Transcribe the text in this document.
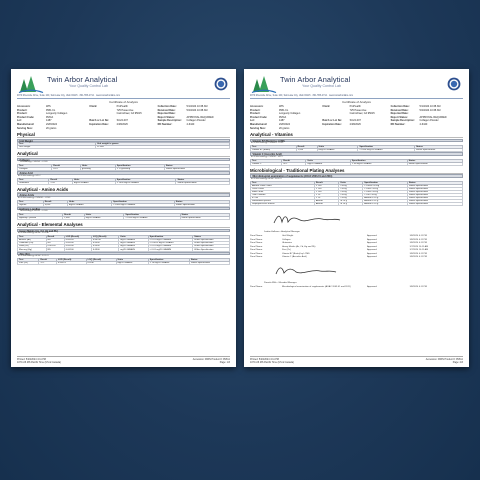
Twin Arbor Analytical
Your Quality Control Lab
4870 Riverside Drive, Suite 100, Salt Lake City, Utah 84115 · 801-555-2712 · www.twinarborlabs.com
Certificate of Analysis
Accession:	WIS	Client:	ProHealth	Collection Date:	5/1/2024 10:38 AM
Product:	PRD-CL	725 Paseo Ave	Received Date:	5/2/2024 10:38 AM
Product:	Longevity Collagen	Carmichael, CA 95015	Reported Date:
Product Code:	PMCA	Report Status:	APPROVAL REQUIRED
Lot:	1487	Batch or Lot No:	SC24-007	Sample Description: Collagen Powder
Manufactured:	2/28/2024	Expiration Date:	2/28/2026	RO Number:	4-6440
Serving Size:	20 grams
Physical
Unit Weight
Test	Unit weight in grams
Unit Weight	21.489
Analytical
Collagen
** Methodology: PMMNR • LCMS
Test	Result	Units	Specification	Status
Collagen	18.5	g/serving	> 17g/serving	Within Specification
Amino Acid
AOR/Methodology: HPLC
Test	Result	Units	Specification	Status
Glutamine	1.95	mg/20 GRAMS	> 1000 mg/20 GRAMS	Within Specification
Analytical - Amino Acids
Amino Acids
AOR/Methodology: PMMNR • LCMS
Test	Result	Units	Specification	Status
Glycine	3,050	mg/20 GRAMS	> 1000 mg/20 GRAMS	Within Specification
Hydroxy L-proline
** Methodology: PMMNR • LCMS
Test	Result	Units	Specification	Status
Hydroxy L-proline	1,380	mg/20 GRAMS	> 1000 mg/20 GRAMS	Within Specification
Analytical - Elemental Analyses
Heavy Metals (As, Cd, Hg and Pb)
AOR/Methodology: AOAC 2015.01
Test	Result	LOD (Result)	LOQ (Result)	Units	Specification	Status
Arsenic (As)	ND	0.00234	0.00700	mg/20 GRAMS	< 0.01 mg/20 GRAMS	Within Specification
Cadmium (Cd)	ND	0.00100	0.0300	mg/20 GRAMS	< 0.0020 mg/20 GRAMS	Within Specification
Lead (Pb)	0.00154	0.00100	0.0300	mg/20 GRAMS	< 0.01 mg/20 GRAMS	Within Specification
Mercury (Hg)	ND	0.00100	0.0300	mg/20 GRAMS	< 0.01 mg/20 GRAMS	Within Specification
Zinc (Zn)
AOR/Methodology: AOAC 2015.01
Test	Result	LOD (Result)	LOQ (Result)	Units	Specification	Status
Zinc (Zn)	11.1	0.00574	0.0287	mg/20 GRAMS	> 10 mg/20 GRAMS	Within Specification
Printed: 5/20/2024 4:11 PM
107C-06 MS Pacific Time (US & Canada)
Accession: 9WIS Product #: PMCA
Page: 1/3
Twin Arbor Analytical
Your Quality Control Lab
4870 Riverside Drive, Suite 100, Salt Lake City, Utah 84115 · 801-555-2712 · www.twinarborlabs.com
Certificate of Analysis
Accession:	WIS	Client:	ProHealth	Collection Date:	5/1/2024 10:38 AM
Product:	PRD-CL	725 Paseo Ave	Received Date:	5/2/2024 10:38 AM
Product:	Longevity Collagen	Carmichael, CA 95015	Reported Date:
Product Code:	PMCA	Report Status:	APPROVAL REQUIRED
Lot:	1487	Batch or Lot No:	SC24-007	Sample Description: Collagen Powder
Manufactured:	2/28/2024	Expiration Date:	2/28/2026	RO Number:	4-6440
Serving Size:	20 grams
Analytical - Vitamins
Vitamin B7 (Biotin) by LCMS
AOR/Methodology: PMMNR • LCMS
Test	Result	Units	Specification	Status
Vitamin B7 (Biotin)	1,200	mcg/20 GRAMS	> 1000 mcg/20 GRAMS	Within Specification
Vitamin C (Ascorbic Acid)
AOR/Methodology: PMMNR • HPLC
Test	Result	Units	Specification	Status
Vitamin C	92.1	mg/20 GRAMS	> 90 mg/20 GRAMS	Within Specification
Microbiological - Traditional Plating Analyses
Microbiological examination of supplements (AOAC 2003.01 and 2011)
AOR/Methodology: AOAC 2003.01
Test	Result	Units	Specification	Status
Aerobic Plate Count	< 100	CFU/g	< 10000 CFU/g	Within Specification
Yeast Count	< 100	CFU/g	< 1000 CFU/g	Within Specification
Mold Count	< 100	CFU/g	< 1000 CFU/g	Within Specification
Total Coliform	< 10	CFU/g	< 100 CFU/g	Within Specification
E. coli	< 10	CFU/g	Absent in 10 g	Within Specification
Salmonella species	Absent	in 25 g	Absent in 25 g	Within Specification
Staphylococcus aureus	Absent	in 10 g	Absent in 10 g	Within Specification
Jordan Halloran - Analytical Manager
Panel Name:	Unit Weight	Approved:	5/8/2024 4:11 PM
Panel Name:	Collagen	Approved:	5/8/2024 4:11 PM
Panel Name:	Glutamine	Approved:	5/8/2024 4:11 PM
Panel Name:	Heavy Metals (As, Cd, Hg and Pb)	Approved:	5/7/2024 10:11 AM
Panel Name:	Zinc (Zn)	Approved:	5/7/2024 10:11 AM
Panel Name:	Vitamin B7 (Biotin) by LCMS	Approved:	5/8/2024 4:11 PM
Panel Name:	Vitamin C (Ascorbic Acid)	Approved:	5/8/2024 4:11 PM
Pamela Wills - Microbial Manager
Panel Name:	Microbiological examination of supplements (AOAC 2003.01 and 2011)	Approved:	5/8/2024 4:11 PM
Printed: 5/20/2024 4:11 PM
107C-06 MS Pacific Time (US & Canada)
Accession: 9WIS Product #: PMCA
Page: 2/3
